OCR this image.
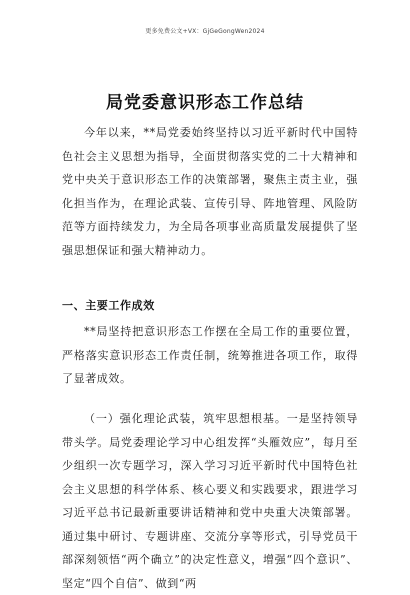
更多免费公文+VX：GjGeGongWen2024
局党委意识形态工作总结
今年以来，**局党委始终坚持以习近平新时代中国特色社会主义思想为指导，全面贯彻落实党的二十大精神和党中央关于意识形态工作的决策部署，聚焦主责主业，强化担当作为，在理论武装、宣传引导、阵地管理、风险防范等方面持续发力，为全局各项事业高质量发展提供了坚强思想保证和强大精神动力。
一、主要工作成效
**局坚持把意识形态工作摆在全局工作的重要位置，严格落实意识形态工作责任制，统筹推进各项工作，取得了显著成效。
（一）强化理论武装，筑牢思想根基。一是坚持领导带头学。局党委理论学习中心组发挥“头雁效应”，每月至少组织一次专题学习，深入学习习近平新时代中国特色社会主义思想的科学体系、核心要义和实践要求，跟进学习习近平总书记最新重要讲话精神和党中央重大决策部署。通过集中研讨、专题讲座、交流分享等形式，引导党员干部深刻领悟“两个确立”的决定性意义，增强“四个意识”、坚定“四个自信”、做到“两
